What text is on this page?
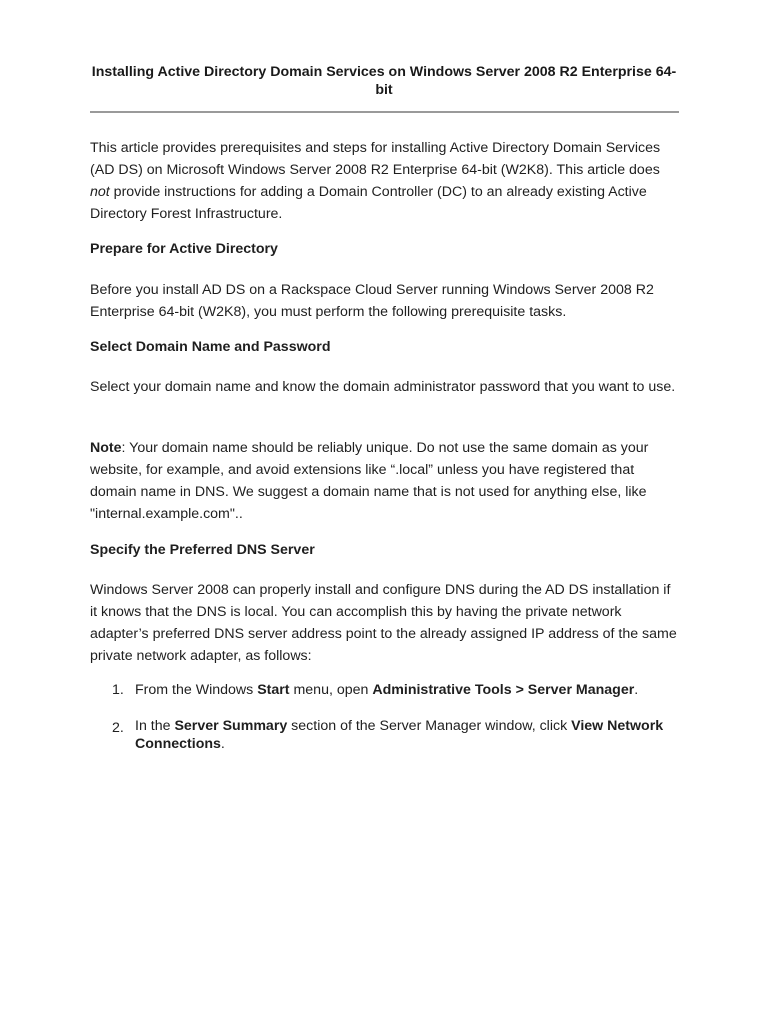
Installing Active Directory Domain Services on Windows Server 2008 R2 Enterprise 64-bit

This article provides prerequisites and steps for installing Active Directory Domain Services (AD DS) on Microsoft Windows Server 2008 R2 Enterprise 64-bit (W2K8). This article does not provide instructions for adding a Domain Controller (DC) to an already existing Active Directory Forest Infrastructure.

Prepare for Active Directory

Before you install AD DS on a Rackspace Cloud Server running Windows Server 2008 R2 Enterprise 64-bit (W2K8), you must perform the following prerequisite tasks.

Select Domain Name and Password

Select your domain name and know the domain administrator password that you want to use.

Note: Your domain name should be reliably unique. Do not use the same domain as your website, for example, and avoid extensions like “.local” unless you have registered that domain name in DNS. We suggest a domain name that is not used for anything else, like "internal.example.com"..

Specify the Preferred DNS Server

Windows Server 2008 can properly install and configure DNS during the AD DS installation if it knows that the DNS is local. You can accomplish this by having the private network adapter’s preferred DNS server address point to the already assigned IP address of the same private network adapter, as follows:

1. From the Windows Start menu, open Administrative Tools > Server Manager.
2. In the Server Summary section of the Server Manager window, click View Network Connections.
